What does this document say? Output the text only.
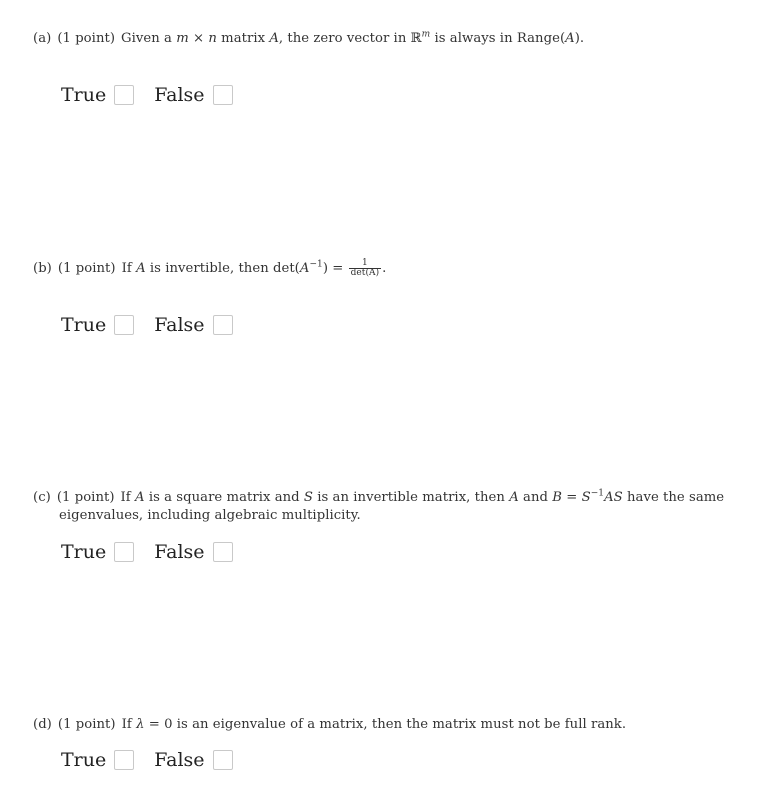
(a) (1 point) Given a m × n matrix A, the zero vector in ℝ$^m$ is always in Range(A).
True	False
(b) (1 point) If A is invertible, then $\det(A^{-1}) = \frac{1}{\det(A)}$ .
True	False
(c) (1 point) If A is a square matrix and S is an invertible matrix, then A and $B = S^{-1}AS$ have the same
eigenvalues, including algebraic multiplicity.
True	False
(d) (1 point) If λ = 0 is an eigenvalue of a matrix, then the matrix must not be full rank.
True	False
